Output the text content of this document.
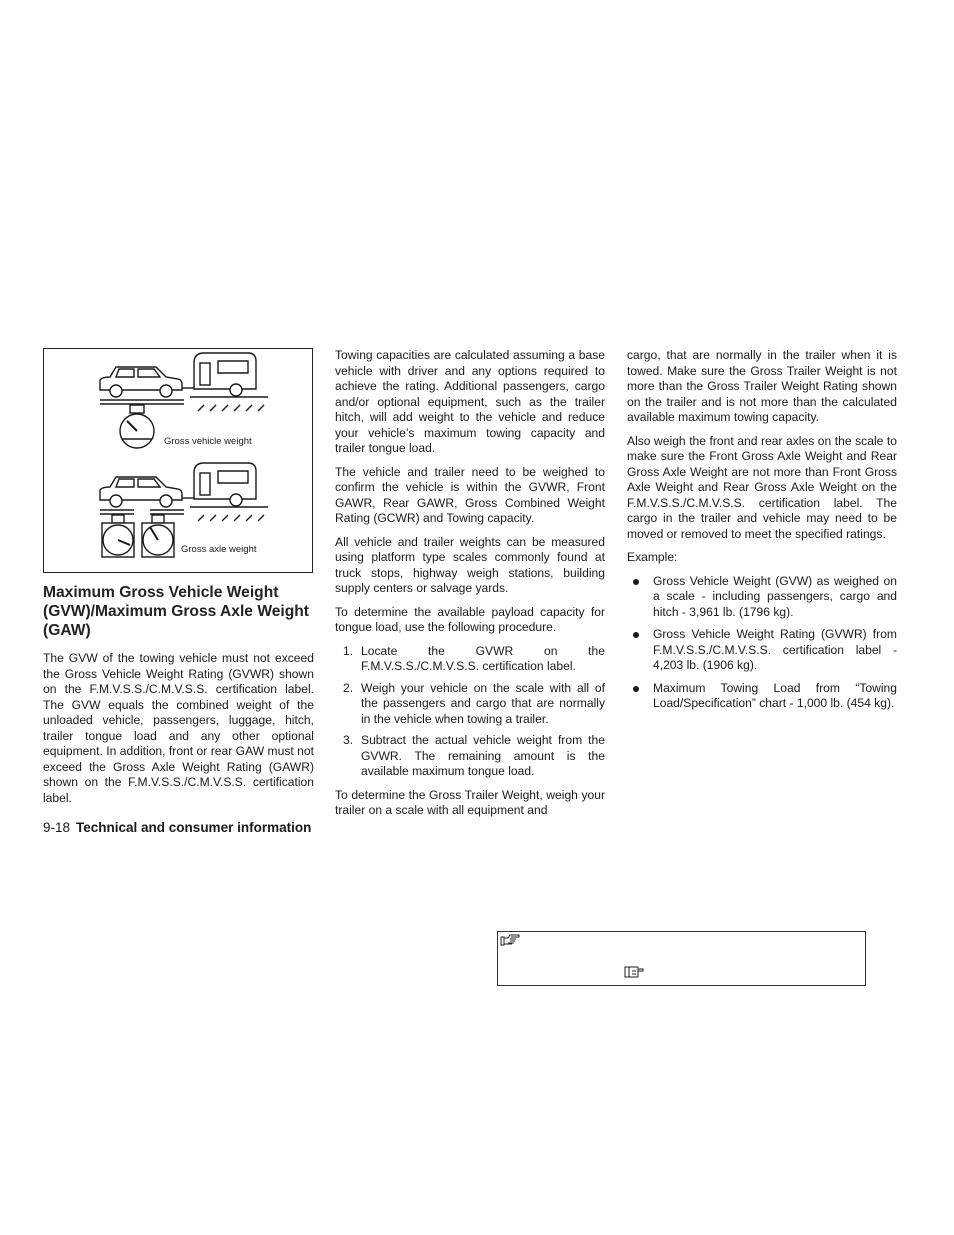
Gross vehicle weight
Gross axle weight
Maximum Gross Vehicle Weight (GVW)/Maximum Gross Axle Weight (GAW)

The GVW of the towing vehicle must not exceed the Gross Vehicle Weight Rating (GVWR) shown on the F.M.V.S.S./C.M.V.S.S. certification label. The GVW equals the combined weight of the unloaded vehicle, passengers, luggage, hitch, trailer tongue load and any other optional equipment. In addition, front or rear GAW must not exceed the Gross Axle Weight Rating (GAWR) shown on the F.M.V.S.S./C.M.V.S.S. certification label.

Towing capacities are calculated assuming a base vehicle with driver and any options required to achieve the rating. Additional passengers, cargo and/or optional equipment, such as the trailer hitch, will add weight to the vehicle and reduce your vehicle’s maximum towing capacity and trailer tongue load.

The vehicle and trailer need to be weighed to confirm the vehicle is within the GVWR, Front GAWR, Rear GAWR, Gross Combined Weight Rating (GCWR) and Towing capacity.

All vehicle and trailer weights can be measured using platform type scales commonly found at truck stops, highway weigh stations, building supply centers or salvage yards.

To determine the available payload capacity for tongue load, use the following procedure.

1. Locate the GVWR on the F.M.V.S.S./C.M.V.S.S. certification label.
2. Weigh your vehicle on the scale with all of the passengers and cargo that are normally in the vehicle when towing a trailer.
3. Subtract the actual vehicle weight from the GVWR. The remaining amount is the available maximum tongue load.

To determine the Gross Trailer Weight, weigh your trailer on a scale with all equipment and

cargo, that are normally in the trailer when it is towed. Make sure the Gross Trailer Weight is not more than the Gross Trailer Weight Rating shown on the trailer and is not more than the calculated available maximum towing capacity.

Also weigh the front and rear axles on the scale to make sure the Front Gross Axle Weight and Rear Gross Axle Weight are not more than Front Gross Axle Weight and Rear Gross Axle Weight on the F.M.V.S.S./C.M.V.S.S. certification label. The cargo in the trailer and vehicle may need to be moved or removed to meet the specified ratings.

Example:

Gross Vehicle Weight (GVW) as weighed on a scale - including passengers, cargo and hitch - 3,961 lb. (1796 kg).
Gross Vehicle Weight Rating (GVWR) from F.M.V.S.S./C.M.V.S.S. certification label - 4,203 lb. (1906 kg).
Maximum Towing Load from “Towing Load/Specification” chart - 1,000 lb. (454 kg).
9-18 Technical and consumer information
